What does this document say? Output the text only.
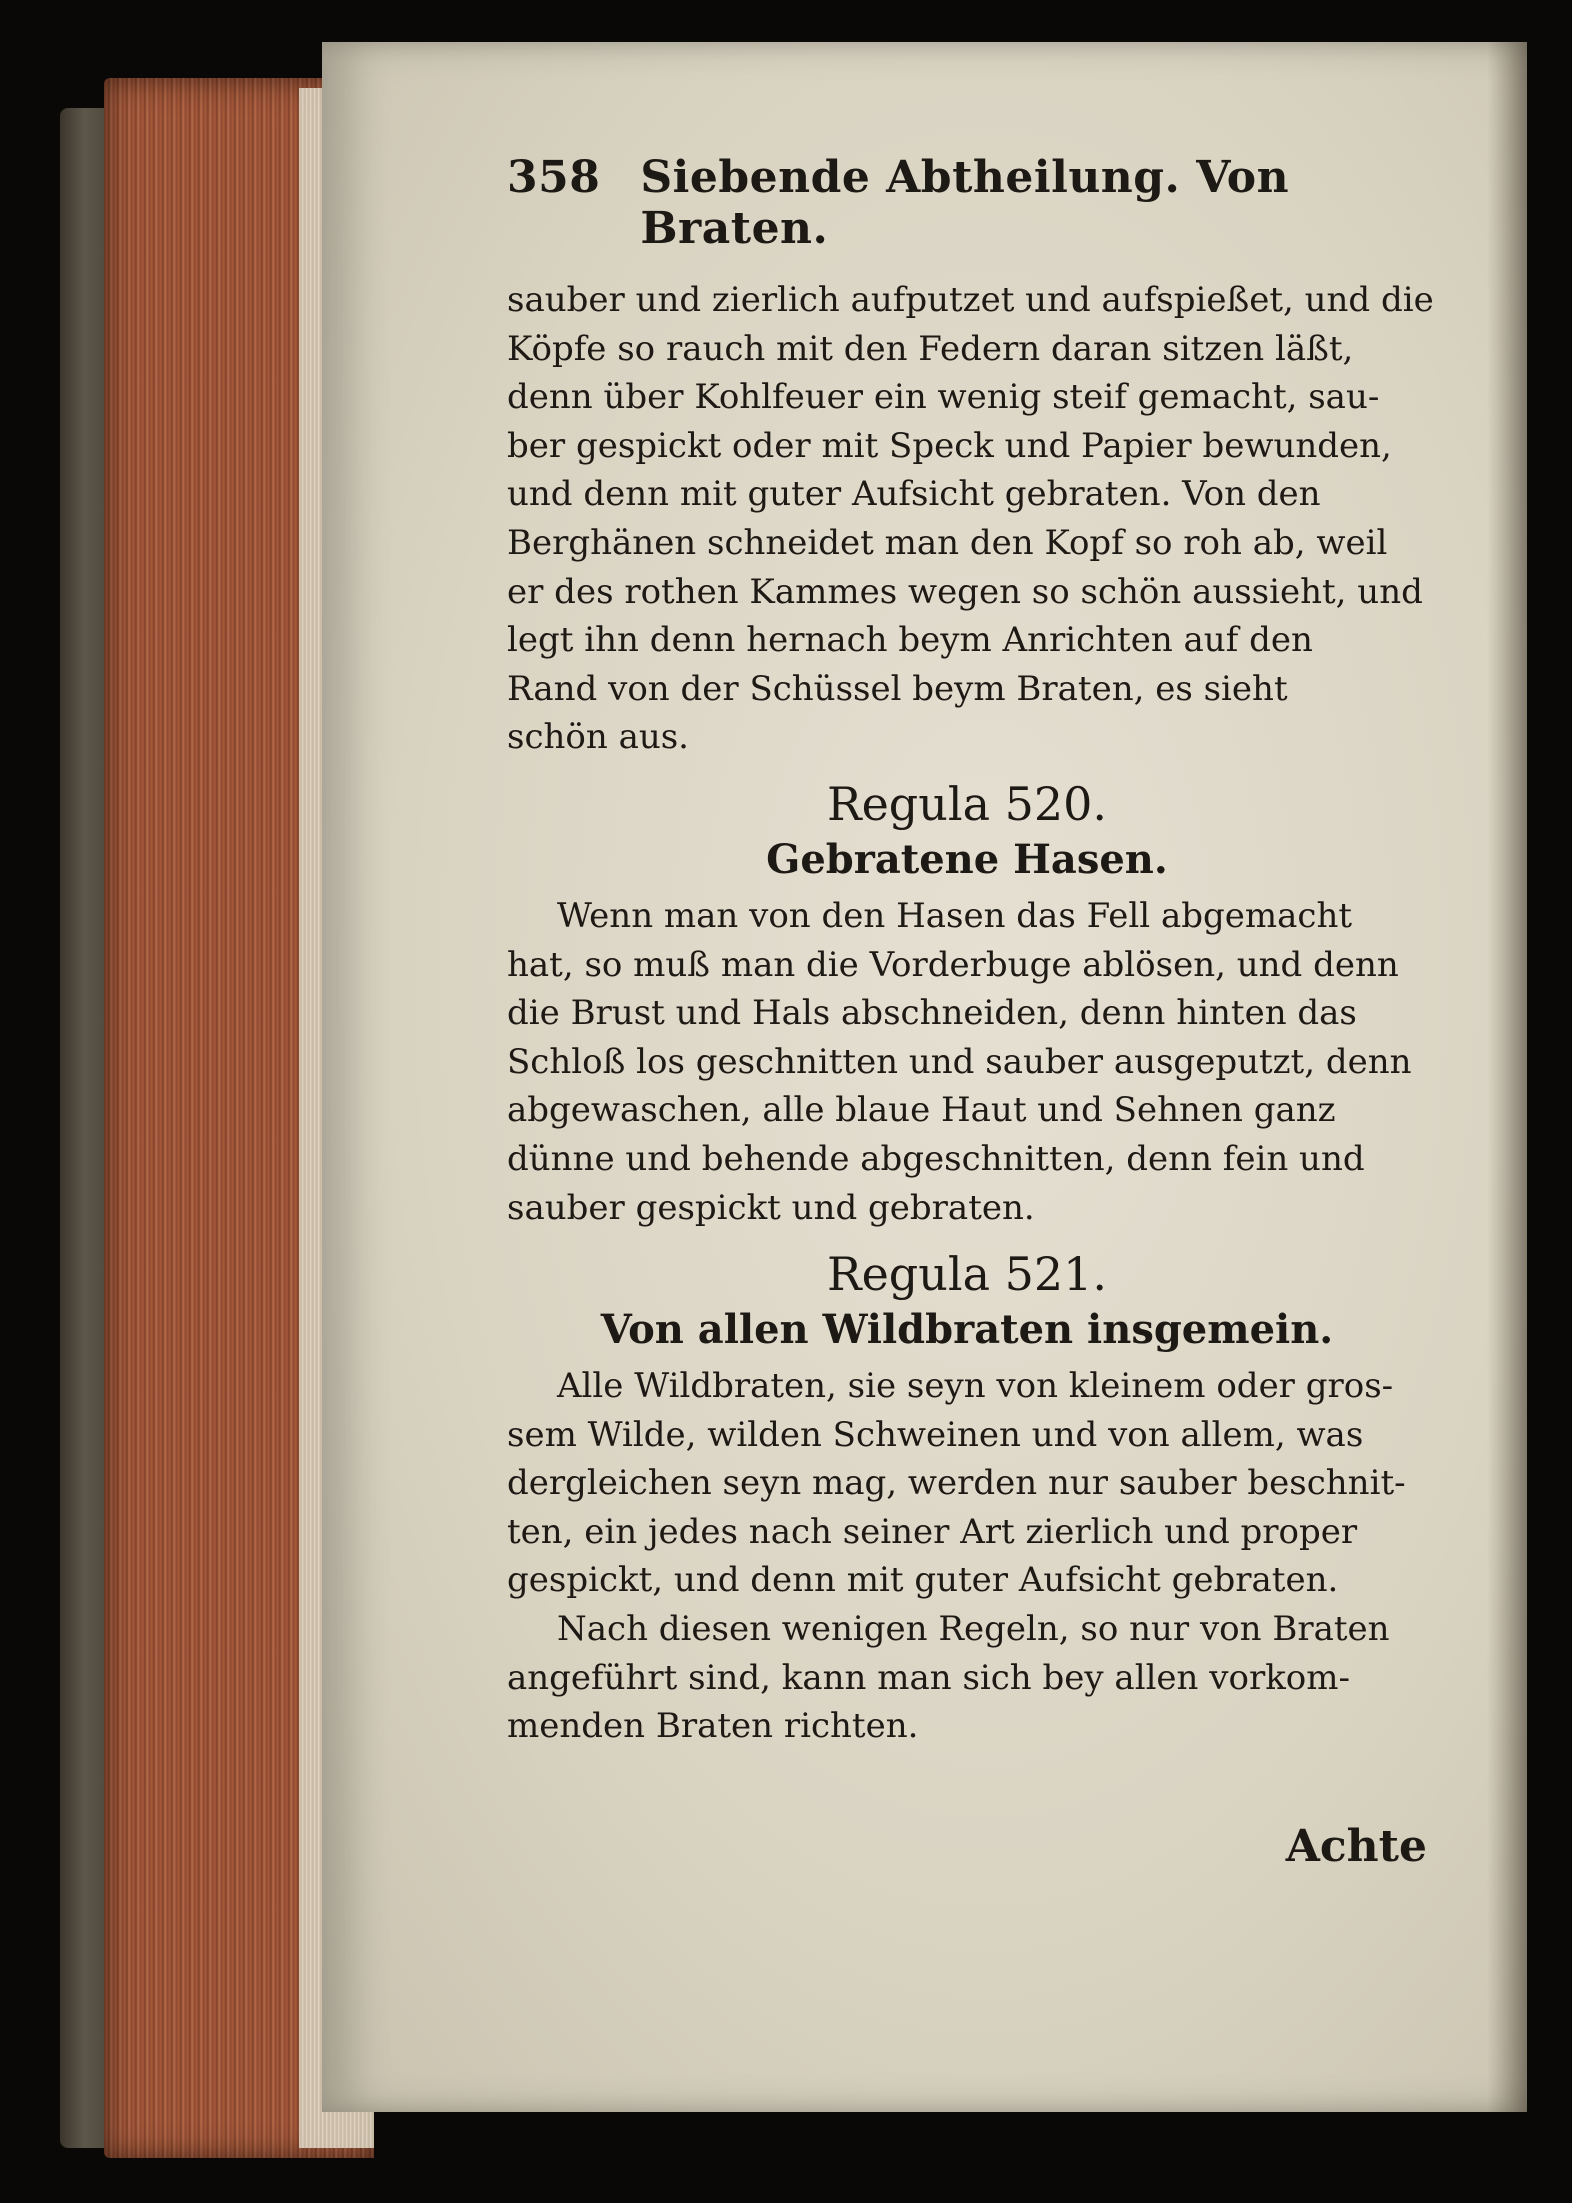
358 Siebende Abtheilung. Von Braten.

sauber und zierlich aufputzet und aufspießet, und die
Köpfe so rauch mit den Federn daran sitzen läßt,
denn über Kohlfeuer ein wenig steif gemacht, sau-
ber gespickt oder mit Speck und Papier bewunden,
und denn mit guter Aufsicht gebraten. Von den
Berghänen schneidet man den Kopf so roh ab, weil
er des rothen Kammes wegen so schön aussieht, und
legt ihn denn hernach beym Anrichten auf den
Rand von der Schüssel beym Braten, es sieht
schön aus.

Regula 520.
Gebratene Hasen.

Wenn man von den Hasen das Fell abgemacht
hat, so muß man die Vorderbuge ablösen, und denn
die Brust und Hals abschneiden, denn hinten das
Schloß los geschnitten und sauber ausgeputzt, denn
abgewaschen, alle blaue Haut und Sehnen ganz
dünne und behende abgeschnitten, denn fein und
sauber gespickt und gebraten.

Regula 521.
Von allen Wildbraten insgemein.

Alle Wildbraten, sie seyn von kleinem oder gros-
sem Wilde, wilden Schweinen und von allem, was
dergleichen seyn mag, werden nur sauber beschnit-
ten, ein jedes nach seiner Art zierlich und proper
gespickt, und denn mit guter Aufsicht gebraten.

Nach diesen wenigen Regeln, so nur von Braten
angeführt sind, kann man sich bey allen vorkom-
menden Braten richten.

Achte
